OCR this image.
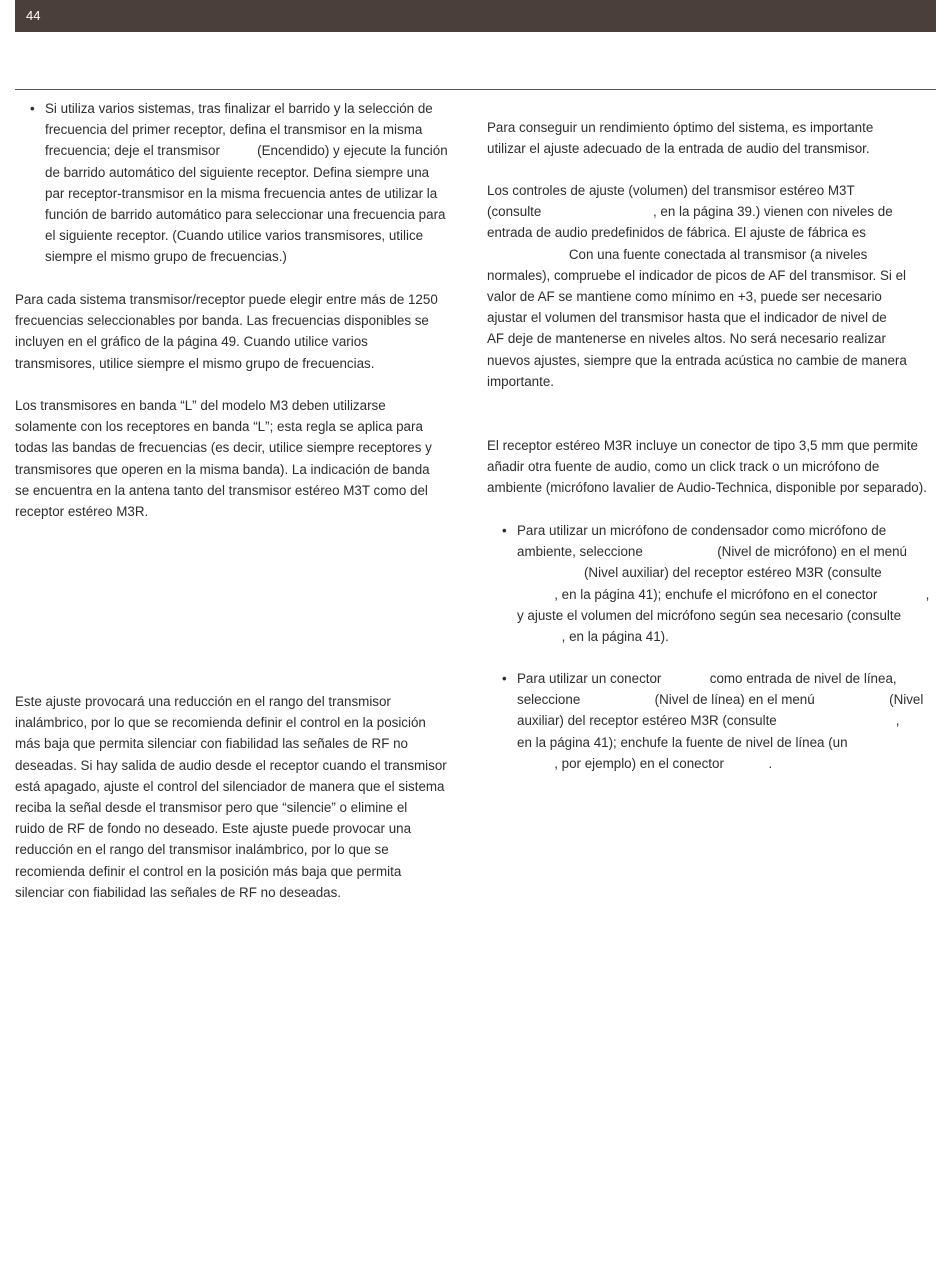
44
• Si utiliza varios sistemas, tras finalizar el barrido y la selección de

frecuencia del primer receptor, defina el transmisor en la misma

frecuencia; deje el transmisor          (Encendido) y ejecute la función

de barrido automático del siguiente receptor. Defina siempre una

par receptor-transmisor en la misma frecuencia antes de utilizar la

función de barrido automático para seleccionar una frecuencia para

el siguiente receptor. (Cuando utilice varios transmisores, utilice

siempre el mismo grupo de frecuencias.)

Para cada sistema transmisor/receptor puede elegir entre más de 1250

frecuencias seleccionables por banda. Las frecuencias disponibles se

incluyen en el gráfico de la página 49. Cuando utilice varios

transmisores, utilice siempre el mismo grupo de frecuencias.

Los transmisores en banda “L” del modelo M3 deben utilizarse

solamente con los receptores en banda “L”; esta regla se aplica para

todas las bandas de frecuencias (es decir, utilice siempre receptores y

transmisores que operen en la misma banda). La indicación de banda

se encuentra en la antena tanto del transmisor estéreo M3T como del

receptor estéreo M3R.

Este ajuste provocará una reducción en el rango del transmisor

inalámbrico, por lo que se recomienda definir el control en la posición

más baja que permita silenciar con fiabilidad las señales de RF no

deseadas. Si hay salida de audio desde el receptor cuando el transmisor

está apagado, ajuste el control del silenciador de manera que el sistema

reciba la señal desde el transmisor pero que “silencie” o elimine el

ruido de RF de fondo no deseado. Este ajuste puede provocar una

reducción en el rango del transmisor inalámbrico, por lo que se

recomienda definir el control en la posición más baja que permita

silenciar con fiabilidad las señales de RF no deseadas.

Para conseguir un rendimiento óptimo del sistema, es importante

utilizar el ajuste adecuado de la entrada de audio del transmisor.

Los controles de ajuste (volumen) del transmisor estéreo M3T

(consulte                              , en la página 39.) vienen con niveles de

entrada de audio predefinidos de fábrica. El ajuste de fábrica es

Con una fuente conectada al transmisor (a niveles

normales), compruebe el indicador de picos de AF del transmisor. Si el

valor de AF se mantiene como mínimo en +3, puede ser necesario

ajustar el volumen del transmisor hasta que el indicador de nivel de

AF deje de mantenerse en niveles altos. No será necesario realizar

nuevos ajustes, siempre que la entrada acústica no cambie de manera

importante.

El receptor estéreo M3R incluye un conector de tipo 3,5 mm que permite

añadir otra fuente de audio, como un click track o un micrófono de

ambiente (micrófono lavalier de Audio-Technica, disponible por separado).

• Para utilizar un micrófono de condensador como micrófono de

ambiente, seleccione                    (Nivel de micrófono) en el menú

(Nivel auxiliar) del receptor estéreo M3R (consulte

, en la página 41); enchufe el micrófono en el conector             ,

y ajuste el volumen del micrófono según sea necesario (consulte

, en la página 41).

• Para utilizar un conector             como entrada de nivel de línea,

seleccione                    (Nivel de línea) en el menú                    (Nivel

auxiliar) del receptor estéreo M3R (consulte                                ,

en la página 41); enchufe la fuente de nivel de línea (un

, por ejemplo) en el conector            .
